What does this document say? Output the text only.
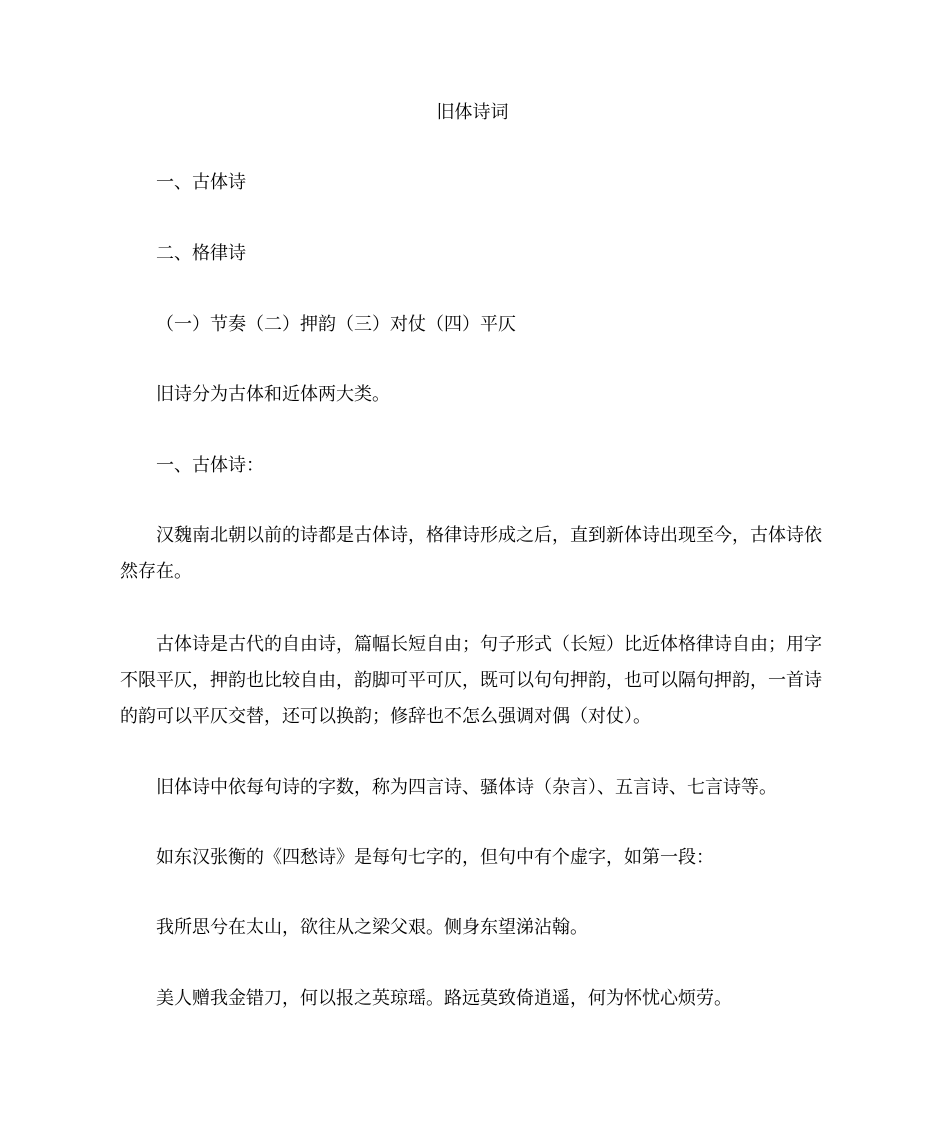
旧体诗词
一、古体诗
二、格律诗
（一）节奏（二）押韵（三）对仗（四）平仄
旧诗分为古体和近体两大类。
一、古体诗：
汉魏南北朝以前的诗都是古体诗，格律诗形成之后，直到新体诗出现至今，古体诗依然存在。
古体诗是古代的自由诗，篇幅长短自由；句子形式（长短）比近体格律诗自由；用字不限平仄，押韵也比较自由，韵脚可平可仄，既可以句句押韵，也可以隔句押韵，一首诗的韵可以平仄交替，还可以换韵；修辞也不怎么强调对偶（对仗）。
旧体诗中依每句诗的字数，称为四言诗、骚体诗（杂言）、五言诗、七言诗等。
如东汉张衡的《四愁诗》是每句七字的，但句中有个虚字，如第一段：
我所思兮在太山，欲往从之梁父艰。侧身东望涕沾翰。
美人赠我金错刀，何以报之英琼瑶。路远莫致倚逍遥，何为怀忧心烦劳。
